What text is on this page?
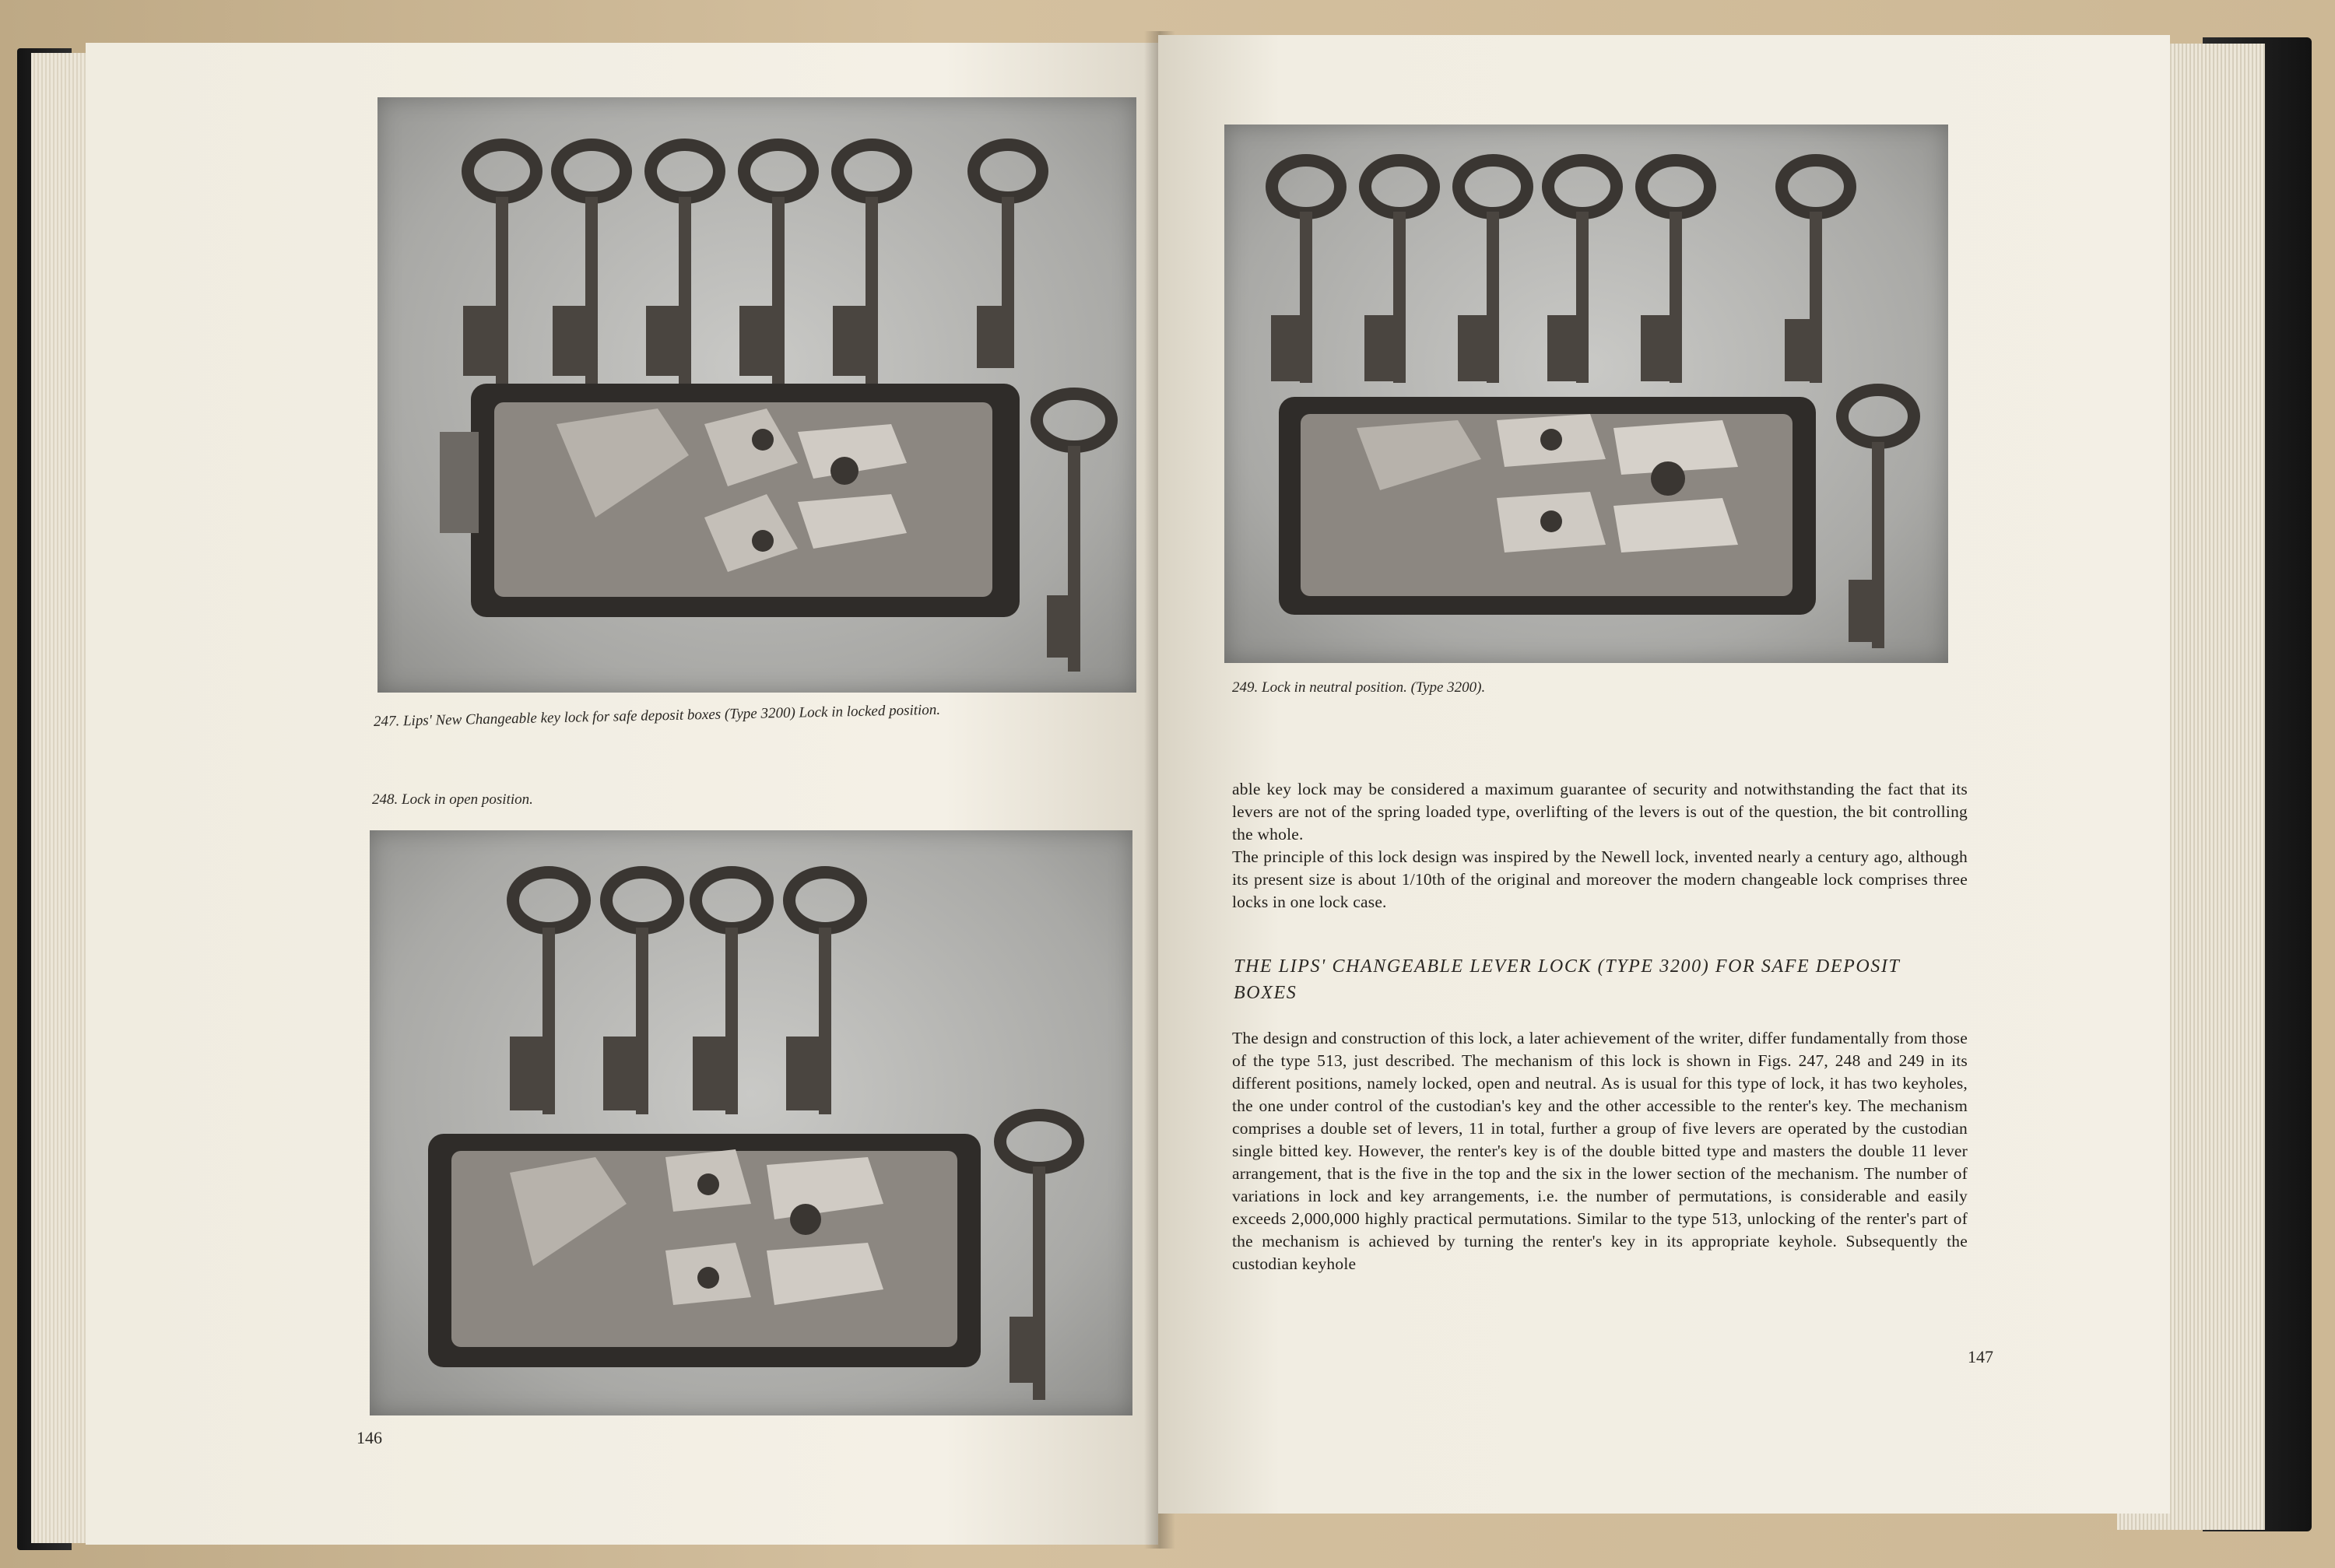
247. Lips' New Changeable key lock for safe deposit boxes (Type 3200) Lock in locked position.
248. Lock in open position.
146
249. Lock in neutral position. (Type 3200).

able key lock may be considered a maximum guarantee of security and notwithstanding the fact that its levers are not of the spring loaded type, overlifting of the levers is out of the question, the bit controlling the whole.

The principle of this lock design was inspired by the Newell lock, invented nearly a century ago, although its present size is about 1/10th of the original and moreover the modern changeable lock comprises three locks in one lock case.

THE LIPS' CHANGEABLE LEVER LOCK (TYPE 3200) FOR SAFE DEPOSIT BOXES

The design and construction of this lock, a later achievement of the writer, differ fundamentally from those of the type 513, just described. The mechanism of this lock is shown in Figs. 247, 248 and 249 in its different positions, namely locked, open and neutral. As is usual for this type of lock, it has two keyholes, the one under control of the custodian's key and the other accessible to the renter's key. The mechanism comprises a double set of levers, 11 in total, further a group of five levers are operated by the custodian single bitted key. However, the renter's key is of the double bitted type and masters the double 11 lever arrangement, that is the five in the top and the six in the lower section of the mechanism. The number of variations in lock and key arrangements, i.e. the number of permutations, is considerable and easily exceeds 2,000,000 highly practical permutations. Similar to the type 513, unlocking of the renter's part of the mechanism is achieved by turning the renter's key in its appropriate keyhole. Subsequently the custodian keyhole

147
